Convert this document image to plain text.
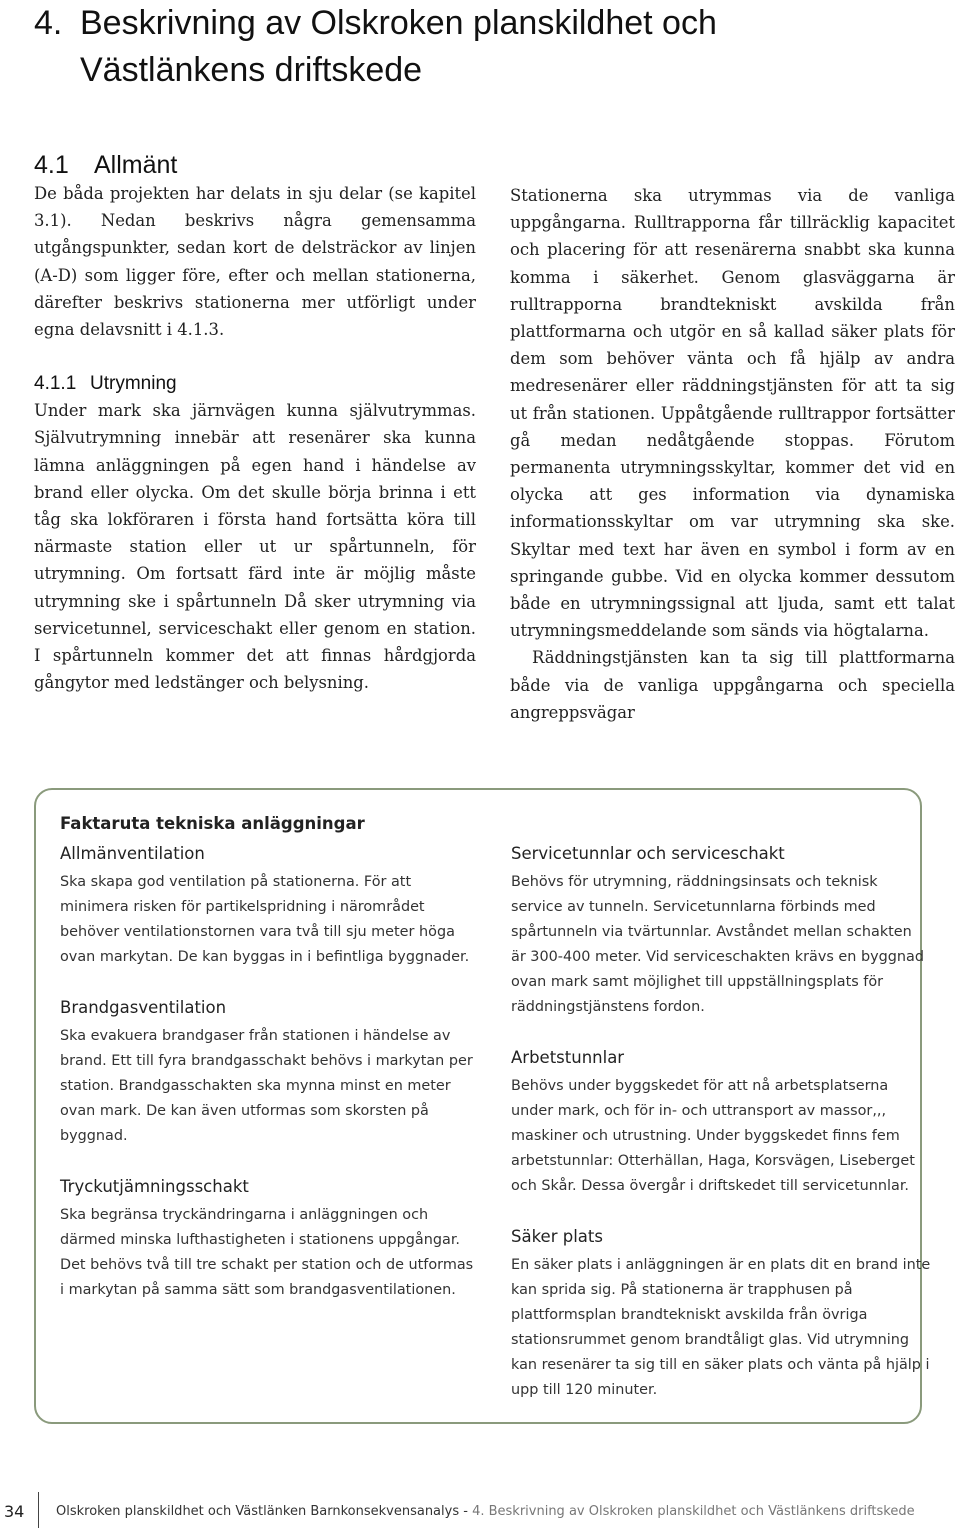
4. Beskrivning av Olskroken planskildhet och
Västlänkens driftskede
4.1 Allmänt

De båda projekten har delats in sju delar (se kapitel 3.1). Nedan beskrivs några gemensamma utgångspunkter, sedan kort de delsträckor av linjen (A-D) som ligger före, efter och mellan stationerna, därefter beskrivs stationerna mer utförligt under egna delavsnitt i 4.1.3.

4.1.1 Utrymning

Under mark ska järnvägen kunna självutrymmas. Självutrymning innebär att resenärer ska kunna lämna anläggningen på egen hand i händelse av brand eller olycka. Om det skulle börja brinna i ett tåg ska lokföraren i första hand fortsätta köra till närmaste station eller ut ur spårtunneln, för utrymning. Om fortsatt färd inte är möjlig måste utrymning ske i spårtunneln Då sker utrymning via servicetunnel, serviceschakt eller genom en station. I spårtunneln kommer det att finnas hårdgjorda gångytor med ledstänger och belysning.

Stationerna ska utrymmas via de vanliga uppgångarna. Rulltrapporna får tillräcklig kapacitet och placering för att resenärerna snabbt ska kunna komma i säkerhet. Genom glasväggarna är rulltrapporna brandtekniskt avskilda från plattformarna och utgör en så kallad säker plats för dem som behöver vänta och få hjälp av andra medresenärer eller räddningstjänsten för att ta sig ut från stationen. Uppåtgående rulltrappor fortsätter gå medan nedåtgående stoppas. Förutom permanenta utrymningsskyltar, kommer det vid en olycka att ges information via dynamiska informationsskyltar om var utrymning ska ske. Skyltar med text har även en symbol i form av en springande gubbe. Vid en olycka kommer dessutom både en utrymningssignal att ljuda, samt ett talat utrymningsmeddelande som sänds via högtalarna.

Räddningstjänsten kan ta sig till plattformarna både via de vanliga uppgångarna och speciella angreppsvägar

Faktaruta tekniska anläggningar
Allmänventilation

Ska skapa god ventilation på stationerna. För att minimera risken för partikelspridning i närområdet behöver ventilationstornen vara två till sju meter höga ovan markytan. De kan byggas in i befintliga byggnader.

Brandgasventilation

Ska evakuera brandgaser från stationen i händelse av brand. Ett till fyra brandgasschakt behövs i markytan per station. Brandgasschakten ska mynna minst en meter ovan mark. De kan även utformas som skorsten på byggnad.

Tryckutjämningsschakt

Ska begränsa tryckändringarna i anläggningen och därmed minska lufthastigheten i stationens uppgångar. Det behövs två till tre schakt per station och de utformas i markytan på samma sätt som brandgasventilationen.

Servicetunnlar och serviceschakt

Behövs för utrymning, räddningsinsats och teknisk service av tunneln. Servicetunnlarna förbinds med spårtunneln via tvärtunnlar. Avståndet mellan schakten är 300-400 meter. Vid serviceschakten krävs en byggnad ovan mark samt möjlighet till uppställningsplats för räddningstjänstens fordon.

Arbetstunnlar

Behövs under byggskedet för att nå arbetsplatserna under mark, och för in- och uttransport av massor,,, maskiner och utrustning. Under byggskedet finns fem arbetstunnlar: Otterhällan, Haga, Korsvägen, Liseberget och Skår. Dessa övergår i driftskedet till servicetunnlar.

Säker plats

En säker plats i anläggningen är en plats dit en brand inte kan sprida sig. På stationerna är trapphusen på plattformsplan brandtekniskt avskilda från övriga stationsrummet genom brandtåligt glas. Vid utrymning kan resenärer ta sig till en säker plats och vänta på hjälp i upp till 120 minuter.

34 Olskroken planskildhet och Västlänken Barnkonsekvensanalys - 4. Beskrivning av Olskroken planskildhet och Västlänkens driftskede
